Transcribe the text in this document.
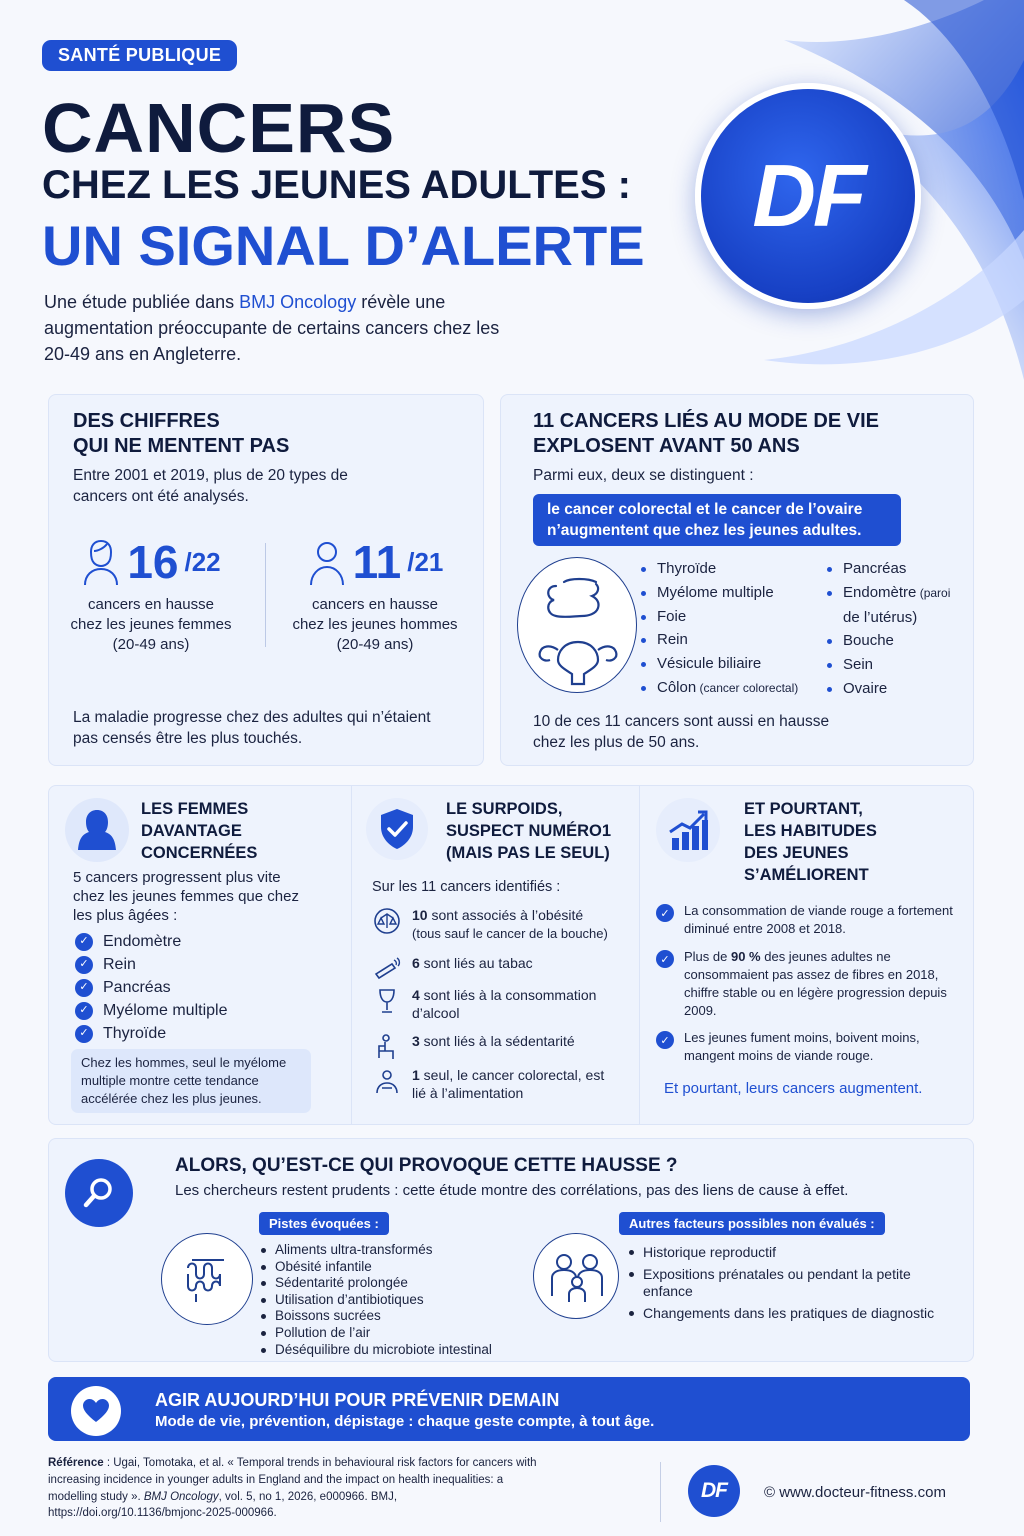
SANTÉ PUBLIQUE
CANCERS
CHEZ LES JEUNES ADULTES :
UN SIGNAL D’ALERTE
Une étude publiée dans BMJ Oncology révèle une augmentation préoccupante de certains cancers chez les 20-49 ans en Angleterre.
DF
DES CHIFFRES
QUI NE MENTENT PAS
Entre 2001 et 2019, plus de 20 types de cancers ont été analysés.
16 /22
cancers en hausse
chez les jeunes femmes
(20-49 ans)
11 /21
cancers en hausse
chez les jeunes hommes
(20-49 ans)
La maladie progresse chez des adultes qui n’étaient pas censés être les plus touchés.
11 CANCERS LIÉS AU MODE DE VIE
EXPLOSENT AVANT 50 ANS
Parmi eux, deux se distinguent :
le cancer colorectal et le cancer de l’ovaire n’augmentent que chez les jeunes adultes.
Thyroïde
Myélome multiple
Foie
Rein
Vésicule biliaire
Côlon (cancer colorectal)
Pancréas
Endomètre (paroi
de l’utérus)
Bouche
Sein
Ovaire
10 de ces 11 cancers sont aussi en hausse chez les plus de 50 ans.
LES FEMMES DAVANTAGE
CONCERNÉES
5 cancers progressent plus vite chez les jeunes femmes que chez les plus âgées :
✓ Endomètre
✓ Rein
✓ Pancréas
✓ Myélome multiple
✓ Thyroïde
Chez les hommes, seul le myélome multiple montre cette tendance accélérée chez les plus jeunes.
LE SURPOIDS,
SUSPECT NUMÉRO1
(MAIS PAS LE SEUL)
Sur les 11 cancers identifiés :
10 sont associés à l’obésité
(tous sauf le cancer de la bouche)
6 sont liés au tabac
4 sont liés à la consommation d’alcool
3 sont liés à la sédentarité
1 seul, le cancer colorectal, est lié à l’alimentation
ET POURTANT,
LES HABITUDES
DES JEUNES
S’AMÉLIORENT
✓	La consommation de viande rouge a fortement diminué entre 2008 et 2018.
✓	Plus de 90 % des jeunes adultes ne consommaient pas assez de fibres en 2018, chiffre stable ou en légère progression depuis 2009.
✓	Les jeunes fument moins, boivent moins, mangent moins de viande rouge.
Et pourtant, leurs cancers augmentent.
ALORS, QU’EST-CE QUI PROVOQUE CETTE HAUSSE ?
Les chercheurs restent prudents : cette étude montre des corrélations, pas des liens de cause à effet.
Pistes évoquées :
Aliments ultra-transformés
Obésité infantile
Sédentarité prolongée
Utilisation d’antibiotiques
Boissons sucrées
Pollution de l’air
Déséquilibre du microbiote intestinal
Autres facteurs possibles non évalués :
Historique reproductif
Expositions prénatales ou pendant la petite enfance
Changements dans les pratiques de diagnostic
AGIR AUJOURD’HUI POUR PRÉVENIR DEMAIN
Mode de vie, prévention, dépistage : chaque geste compte, à tout âge.
Référence : Ugai, Tomotaka, et al. « Temporal trends in behavioural risk factors for cancers with increasing incidence in younger adults in England and the impact on health inequalities: a modelling study ». BMJ Oncology, vol. 5, no 1, 2026, e000966. BMJ, https://doi.org/10.1136/bmjonc-2025-000966.
DF © www.docteur-fitness.com
